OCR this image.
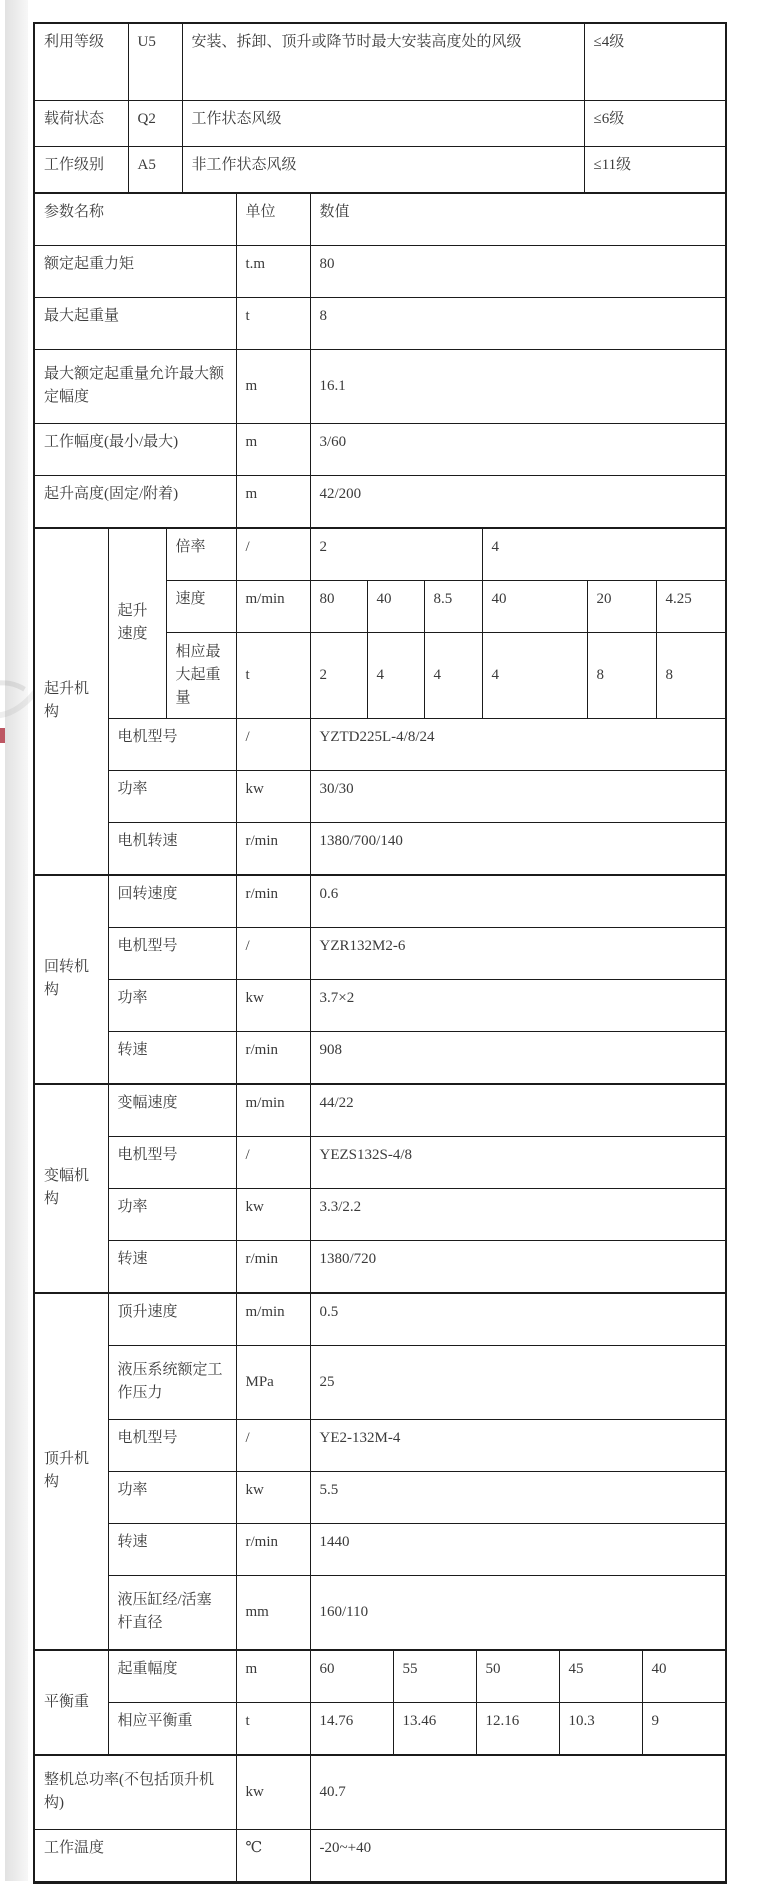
利用等级	U5	安装、拆卸、顶升或降节时最大安装高度处的风级	≤4级
载荷状态	Q2	工作状态风级	≤6级
工作级别	A5	非工作状态风级	≤11级
参数名称	单位	数值
额定起重力矩	t.m	80
最大起重量	t	8
最大额定起重量允许最大额定幅度	m	16.1
工作幅度(最小/最大)	m	3/60
起升高度(固定/附着)	m	42/200
起升机构	起升速度	倍率	/	2			4		
		速度	m/min	80	40	8.5	40	20	4.25
		相应最大起重量	t	2	4	4	4	8	8
	电机型号		/	YZTD225L-4/8/24					
	功率		kw	30/30					
	电机转速		r/min	1380/700/140					
回转机构	回转速度	r/min	0.6
	电机型号	/	YZR132M2-6
	功率	kw	3.7×2
	转速	r/min	908
变幅机构	变幅速度	m/min	44/22
	电机型号	/	YEZS132S-4/8
	功率	kw	3.3/2.2
	转速	r/min	1380/720
顶升机构	顶升速度	m/min	0.5
	液压系统额定工作压力	MPa	25
	电机型号	/	YE2-132M-4
	功率	kw	5.5
	转速	r/min	1440
	液压缸经/活塞杆直径	mm	160/110
平衡重	起重幅度	m	60	55	50	45	40
	相应平衡重	t	14.76	13.46	12.16	10.3	9
整机总功率(不包括顶升机构)	kw	40.7
工作温度	℃	-20~+40
